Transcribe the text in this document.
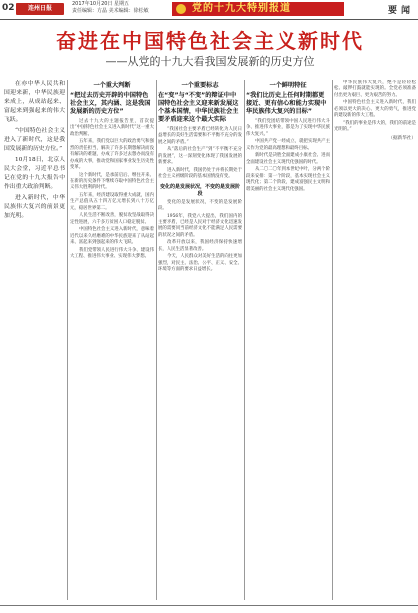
02	连州日报
2017年10月20日 星期五
责任编辑：方晶 美术编辑：徐松敏	党的十九大特别报道	要闻
奋进在中国特色社会主义新时代
——从党的十九大看我国发展新的历史方位

在亦中华人民共和国迎来新，中华民族迎来成上，从成站起来、富起来到强起来的伟大飞跃。

“中国特色社会主义进入了新时代，这是我国发展新的历史方位。”

10月18日，北京人民大会堂，习近平总书记在党的十九大报告中作出重大政治判断。

进入新时代，中华民族伟大复兴的前景更加光明。

一个重大判断
“把过去历史开辟的中国特色社会主义，其内涵、这是我国发展新的历史方位”

过去十九大的主题报告里，首次提出“中国特色社会主义进入新时代”这一重大政治判断。

五年来，我们党以巨大的政治勇气和强烈的责任担当，解决了许多长期想解决而没有解决的难题，办成了许多过去想办而没有办成的大事，推动党和国家事业发生历史性变革。

这个新时代，是承前启后、继往开来、在新的历史条件下继续夺取中国特色社会主义伟大胜利的时代。

五年来，经济建设取得重大成就，国内生产总值从五十四万亿元增长到八十万亿元，稳居世界第二。

人民生活不断改善，脱贫攻坚战取得决定性进展，六千多万贫困人口稳定脱贫。

中国特色社会主义进入新时代，意味着近代以来久经磨难的中华民族迎来了从站起来、富起来到强起来的伟大飞跃。

我们党带领人民进行伟大斗争、建设伟大工程、推进伟大事业、实现伟大梦想。

一个重要标志
在“变”与“不变”的辩证中中国特色社会主义迎来新发展这个基本国情，中华民族社会主要矛盾迎来这个最大实际

“我国社会主要矛盾已经转化为人民日益增长的美好生活需要和不平衡不充分的发展之间的矛盾。”

从“落后的社会生产”到“不平衡不充分的发展”，这一深刻变化体现了我国发展的新要求。

进入新时代，我国仍处于并将长期处于社会主义初级阶段的基本国情没有变。

变化的是发展状况，不变的是发展阶段

变化的是发展状况，不变的是发展阶段。

1956年，我党八大提出，我们国内的主要矛盾，已经是人民对于经济文化迅速发展的需要同当前经济文化不能满足人民需要的状况之间的矛盾。

改革开放以来，我国经济保持快速增长，人民生活显著改善。

今天，人民群众对美好生活的向往更加强烈，对民主、法治、公平、正义、安全、环境等方面的要求日益增长。

一个鲜明特征
“我们比历史上任何时期都更接近、更有信心和能力实现中华民族伟大复兴的目标”

“我们党团结带领中国人民进行伟大斗争、推进伟大事业，都是为了实现中华民族伟大复兴。”

中国共产党一经成立，就把实现共产主义作为党的最高理想和最终目标。

新时代是决胜全面建成小康社会、进而全面建设社会主义现代化强国的时代。

从二〇二〇年到本世纪中叶，分两个阶段来安排：第一个阶段，基本实现社会主义现代化；第二个阶段，建成富强民主文明和谐美丽的社会主义现代化强国。

中华民族伟大复兴，绝不是轻轻松松、敲锣打鼓就能实现的。全党必须准备付出更为艰巨、更为艰苦的努力。

中国特色社会主义进入新时代，我们必须以更大的决心、更大的勇气，推进党的建设新的伟大工程。

“我们的事业是伟大的，我们的前途是光明的。”

（据新华社）
